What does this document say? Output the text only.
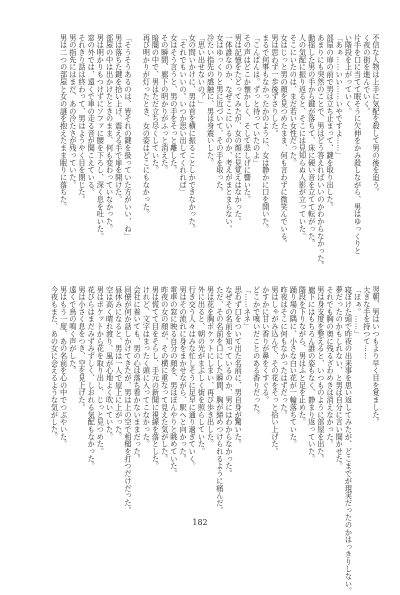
不信な人物は上手に気配を殺して男の後を追う。
く夜の街を進んでいく。
片手を口に当てて眠そうに欠伸をかみ殺しながら、男はゆっくりと
い階段を上がっていく。
「あぁ……いい……いやですよ……」
部屋の扉の前で男は立ち止まって、鍵を取り出した。
あまりにも突然のことで、男はどう答えればいいのかわからなかった。
動揺した男の手から鍵が落ちて、床に硬い音を立てて転がった。
人の気配に振り返ると、そこには見知らぬ人影が立っていた。
そこにいたのは、まだ若い女性だった。
女はじっと男の顔を見つめたまま、何も言わずに微笑んでいる。
男は思わず一歩後ずさりした。
まるで何事もなかったかのように、女は静かに口を開いた。
「こんばんは。ずっと待っていたのよ」
その声はどこか懐かしく、そして悲しげに響いた。
男は記憶をたどってみたが、女の顔に見覚えはなかった。
一体誰なのか、なぜここにいるのか、考えがまとまらない。
女はゆっくりと男に近づいて、その手を取った。
冷たい指先の感触に、男は身震いした。
「思い出せないの？」
女の問いかけに、男は首を横に振ることしかできなかった。
「それでもいいの。いつか思い出してくれれば」
女はそう言うと、男の手をそっと離した。
その瞬間、廊下の明かりがふっと消えた。
暗闇の中で、男はただ立ち尽くしていた。
再び明かりが灯ったとき、女の姿はどこにもなかった。
「そうそうあるのは、皆それの鍵を扱っていた方がいい、ね」
男は落ちた鍵を拾い上げ、震える手で扉を開けた。
部屋の中は出かけたときのまま、何も変わっていなかった。
男は明かりもつけずにソファに腰を下ろし、深く息を吐いた。
窓の外では、遠くで車の走る音が聞こえている。
それきり話は終わって、男はようやく目を閉じた。
男の指先にはまだ、あの冷たさが残っていた。
男は二つの部屋と女の謎を抱えたまま眠りに落ちた。
翌朝、男はいつもより早く目を覚ました。
大きな手を持つて……
「ほぁ。……」
寝ぼけた頭で昨夜の出来事を思い返してみたが、どこまでが現実だったのかはっきりしない。
夢だったのかもしれない、と男は自分に言い聞かせた。
それでも胸の奥に残るざわめきは消えなかった。
男は身支度を整えると、いつものように部屋を出た。
廊下にはもちろん誰の姿もなく、静まり返っていた。
階段を下りながら、男はふと足を止めた。
踊り場の隅に、小さな白い花が一輪落ちていた。
昨夜はそこに何もなかったはずだった。
男はしゃがみ込んで、その花をそっと拾い上げた。
かすかに甘い香りが鼻をくすぐる。
どこかで嗅いだことのある香りだった。
「……ネネ」
思わず口をついて出た名前に、男自身が驚いた。
なぜその名前を知っているのか、男にはわからなかった。
ただ、その名前を口にした瞬間、胸が締めつけられるように痛んだ。
男は花を胸ポケットにしまい、再び歩き出した。
外に出ると、朝の光がまぶしく街を照らしていた。
行き交う人々はみな忙しそうに足早に通り過ぎていく。
男はその流れに身をまかせながら、駅へと向かった。
電車の窓に映る自分の顔を、男はぼんやりと眺めていた。
昨夜の女の顔が、その横に重なって見えた気がした。
男は慌てて目をそらし、手元の新聞に視線を落とした。
けれど、文字はまったく頭に入ってこなかった。
会社に着いても、男の心は落ち着かないままだった。
同僚が何か話しかけてきたが、男は上の空で相槌を打つだけだった。
昼休みになると、男は一人で屋上に上がった。
空は高く晴れ渡り、風が心地よく吹いていた。
男はポケットから花を取り出し、じっと見つめた。
花びらはまだみずみずしく、しおれる気配もなかった。
男は小さく息をつき、空を見上げた。
遠くで鳥の鳴く声がした。
男はもう一度、あの名前を心の中でつぶやいた。
今夜もまた、あの女に会えるような気がした。
182
